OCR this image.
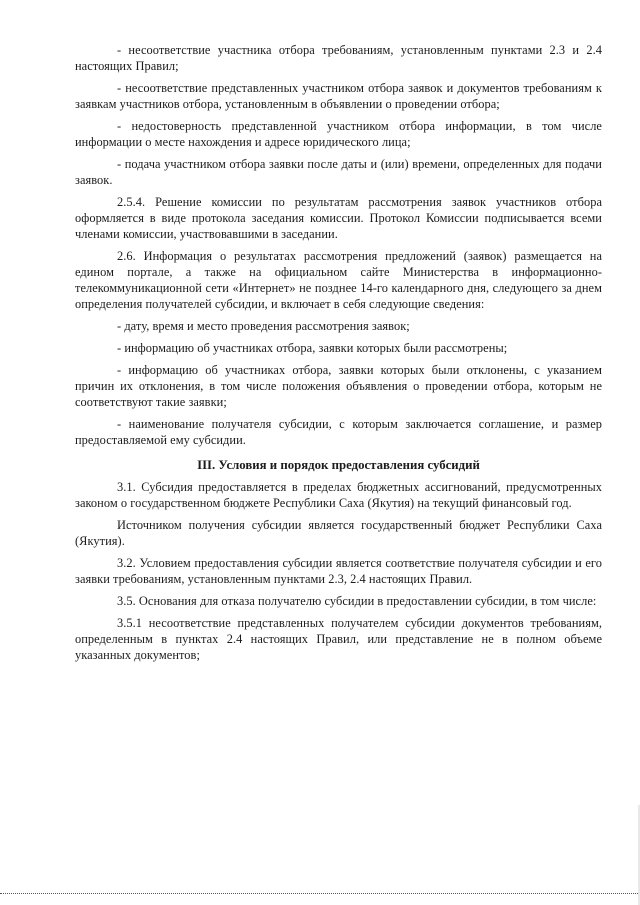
- несоответствие участника отбора требованиям, установленным пунктами 2.3 и 2.4 настоящих Правил;

- несоответствие представленных участником отбора заявок и документов требованиям к заявкам участников отбора, установленным в объявлении о проведении отбора;

- недостоверность представленной участником отбора информации, в том числе информации о месте нахождения и адресе юридического лица;

- подача участником отбора заявки после даты и (или) времени, определенных для подачи заявок.

2.5.4. Решение комиссии по результатам рассмотрения заявок участников отбора оформляется в виде протокола заседания комиссии. Протокол Комиссии подписывается всеми членами комиссии, участвовавшими в заседании.

2.6. Информация о результатах рассмотрения предложений (заявок) размещается на едином портале, а также на официальном сайте Министерства в информационно-телекоммуникационной сети «Интернет» не позднее 14-го календарного дня, следующего за днем определения получателей субсидии, и включает в себя следующие сведения:

- дату, время и место проведения рассмотрения заявок;

- информацию об участниках отбора, заявки которых были рассмотрены;

- информацию об участниках отбора, заявки которых были отклонены, с указанием причин их отклонения, в том числе положения объявления о проведении отбора, которым не соответствуют такие заявки;

- наименование получателя субсидии, с которым заключается соглашение, и размер предоставляемой ему субсидии.

III. Условия и порядок предоставления субсидий

3.1. Субсидия предоставляется в пределах бюджетных ассигнований, предусмотренных законом о государственном бюджете Республики Саха (Якутия) на текущий финансовый год.

Источником получения субсидии является государственный бюджет Республики Саха (Якутия).

3.2. Условием предоставления субсидии является соответствие получателя субсидии и его заявки требованиям, установленным пунктами 2.3, 2.4 настоящих Правил.

3.5. Основания для отказа получателю субсидии в предоставлении субсидии, в том числе:

3.5.1 несоответствие представленных получателем субсидии документов требованиям, определенным в пунктах 2.4 настоящих Правил, или представление не в полном объеме указанных документов;
